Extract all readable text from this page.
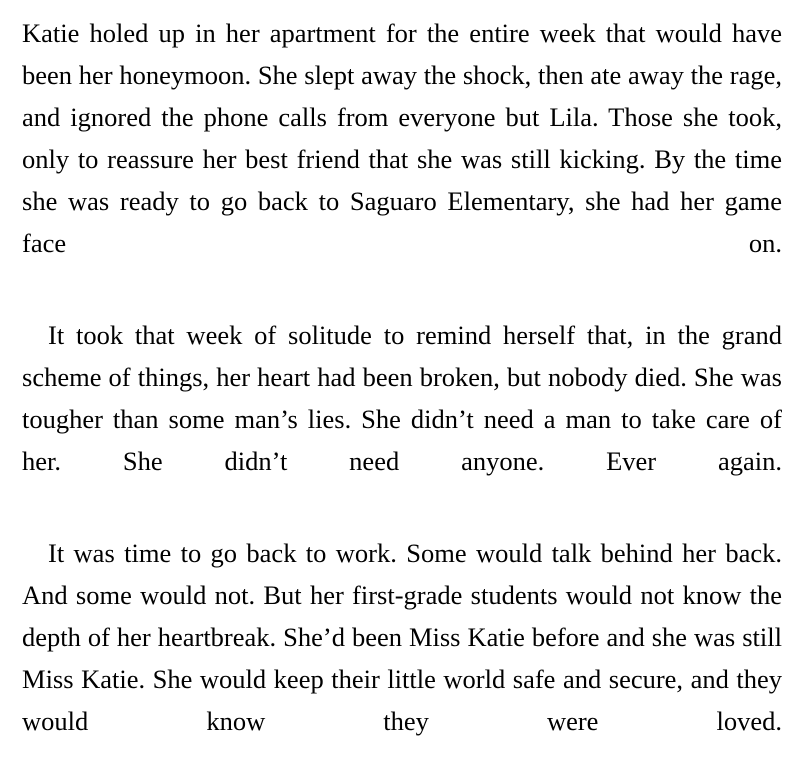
Katie holed up in her apartment for the entire week that would have been her honeymoon. She slept away the shock, then ate away the rage, and ignored the phone calls from everyone but Lila. Those she took, only to reassure her best friend that she was still kicking. By the time she was ready to go back to Saguaro Elementary, she had her game face on.

It took that week of solitude to remind herself that, in the grand scheme of things, her heart had been broken, but nobody died. She was tougher than some man’s lies. She didn’t need a man to take care of her. She didn’t need anyone. Ever again.

It was time to go back to work. Some would talk behind her back. And some would not. But her first-grade students would not know the depth of her heartbreak. She’d been Miss Katie before and she was still Miss Katie. She would keep their little world safe and secure, and they would know they were loved.
